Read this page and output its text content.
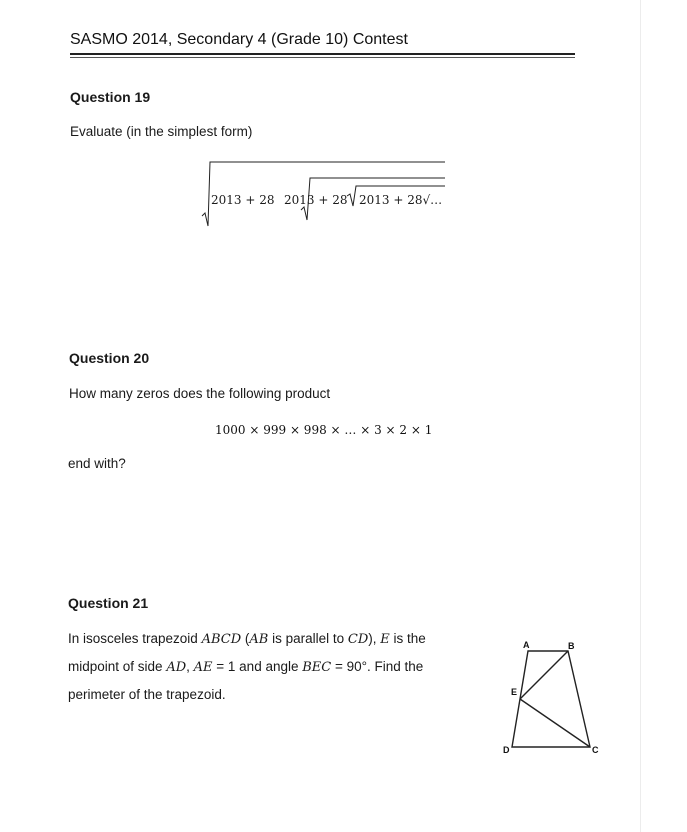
SASMO 2014, Secondary 4 (Grade 10) Contest
Question 19
Evaluate (in the simplest form)
2013 + 28 2013 + 28 2013 + 28√…
Question 20
How many zeros does the following product
1000 × 999 × 998 × … × 3 × 2 × 1
end with?
Question 21
In isosceles trapezoid ABCD (AB is parallel to CD), E is the
midpoint of side AD, AE = 1 and angle BEC = 90°. Find the
perimeter of the trapezoid.
A	B
C
D
E
